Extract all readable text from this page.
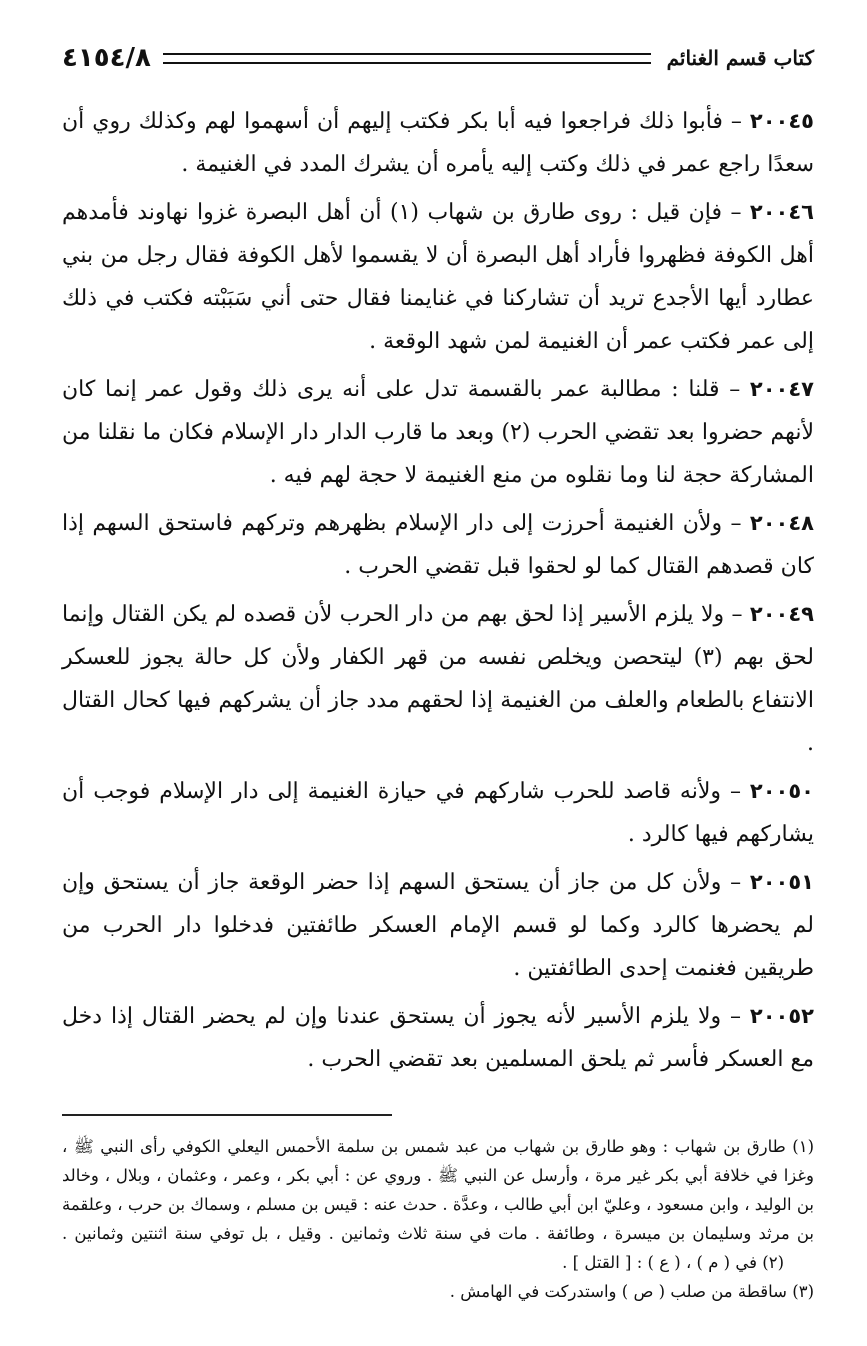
٤١٥٤/٨	كتاب قسم الغنائم

٢٠٠٤٥ – فأبوا ذلك فراجعوا فيه أبا بكر فكتب إليهم أن أسهموا لهم وكذلك روي أن سعدًا راجع عمر في ذلك وكتب إليه يأمره أن يشرك المدد في الغنيمة .

٢٠٠٤٦ – فإن قيل : روى طارق بن شهاب (١) أن أهل البصرة غزوا نهاوند فأمدهم أهل الكوفة فظهروا فأراد أهل البصرة أن لا يقسموا لأهل الكوفة فقال رجل من بني عطارد أيها الأجدع تريد أن تشاركنا في غنايمنا فقال حتى أني سَبَبْته فكتب في ذلك إلى عمر فكتب عمر أن الغنيمة لمن شهد الوقعة .

٢٠٠٤٧ – قلنا : مطالبة عمر بالقسمة تدل على أنه يرى ذلك وقول عمر إنما كان لأنهم حضروا بعد تقضي الحرب (٢) وبعد ما قارب الدار دار الإسلام فكان ما نقلنا من المشاركة حجة لنا وما نقلوه من منع الغنيمة لا حجة لهم فيه .

٢٠٠٤٨ – ولأن الغنيمة أحرزت إلى دار الإسلام بظهرهم وتركهم فاستحق السهم إذا كان قصدهم القتال كما لو لحقوا قبل تقضي الحرب .

٢٠٠٤٩ – ولا يلزم الأسير إذا لحق بهم من دار الحرب لأن قصده لم يكن القتال وإنما لحق بهم (٣) ليتحصن ويخلص نفسه من قهر الكفار ولأن كل حالة يجوز للعسكر الانتفاع بالطعام والعلف من الغنيمة إذا لحقهم مدد جاز أن يشركهم فيها كحال القتال .

٢٠٠٥٠ – ولأنه قاصد للحرب شاركهم في حيازة الغنيمة إلى دار الإسلام فوجب أن يشاركهم فيها كالرد .

٢٠٠٥١ – ولأن كل من جاز أن يستحق السهم إذا حضر الوقعة جاز أن يستحق وإن لم يحضرها كالرد وكما لو قسم الإمام العسكر طائفتين فدخلوا دار الحرب من طريقين فغنمت إحدى الطائفتين .

٢٠٠٥٢ – ولا يلزم الأسير لأنه يجوز أن يستحق عندنا وإن لم يحضر القتال إذا دخل مع العسكر فأسر ثم يلحق المسلمين بعد تقضي الحرب .

(١) طارق بن شهاب : وهو طارق بن شهاب من عبد شمس بن سلمة الأحمس اليعلي الكوفي رأى النبي ﷺ ، وغزا في خلافة أبي بكر غير مرة ، وأرسل عن النبي ﷺ . وروي عن : أبي بكر ، وعمر ، وعثمان ، وبلال ، وخالد بن الوليد ، وابن مسعود ، وعليّ ابن أبي طالب ، وعدَّة . حدث عنه : قيس بن مسلم ، وسماك بن حرب ، وعلقمة بن مرثد وسليمان بن ميسرة ، وطائفة . مات في سنة ثلاث وثمانين . وقيل ، بل توفي سنة اثنتين وثمانين .(٢) في ( م ) ، ( ع ) : [ القتل ] .

(٣) ساقطة من صلب ( ص ) واستدركت في الهامش .
